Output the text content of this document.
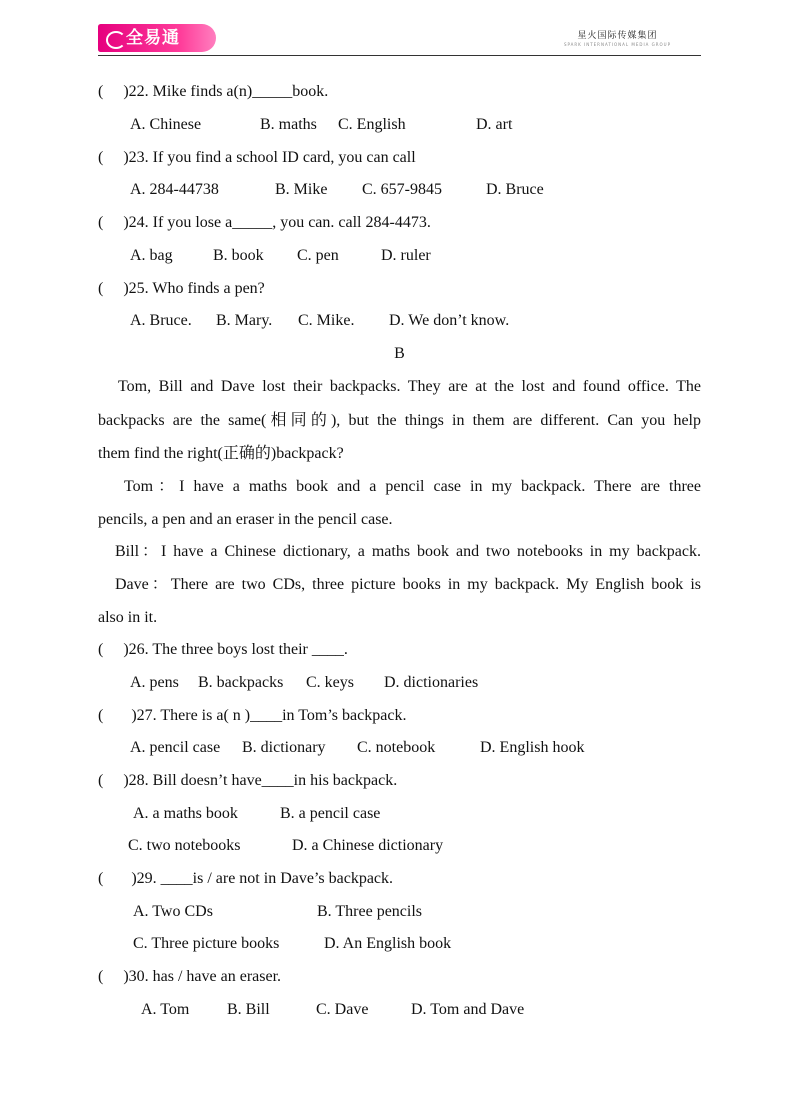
全易通	星火国际传媒集团
SPARK INTERNATIONAL MEDIA GROUP
(     )22. Mike finds a(n)_____book.
A. Chinese	B. maths C. English	D. art
(     )23. If you find a school ID card, you can call
A. 284-44738	B. Mike C. 657-9845	D. Bruce
(     )24. If you lose a_____, you can. call 284-4473.
A. bag	B. book C. pen	D. ruler
(     )25. Who finds a pen?
A. Bruce. B. Mary. C. Mike. D. We don’t know.
B
Tom, Bill and Dave lost their backpacks. They are at the lost and found office. The
backpacks are the same(相同的), but the things in them are different. Can you help
them find the right(正确的)backpack?
Tom：I have a maths book and a pencil case in my backpack. There are three
pencils, a pen and an eraser in the pencil case.
Bill：I have a Chinese dictionary, a maths book and two notebooks in my backpack.
Dave：There are two CDs, three picture books in my backpack. My English book is
also in it.
(     )26. The three boys lost their ____.
A. pens B. backpacks C. keys D. dictionaries
(       )27. There is a( n )____in Tom’s backpack.
A. pencil case B. dictionary C. notebook	D. English hook
(     )28. Bill doesn’t have____in his backpack.
A. a maths book	B. a pencil case
C. two notebooks	D. a Chinese dictionary
(       )29. ____is / are not in Dave’s backpack.
A. Two CDs	B. Three pencils
C. Three picture books	D. An English book
(     )30. has / have an eraser.
A. Tom B. Bill	C. Dave	D. Tom and Dave
